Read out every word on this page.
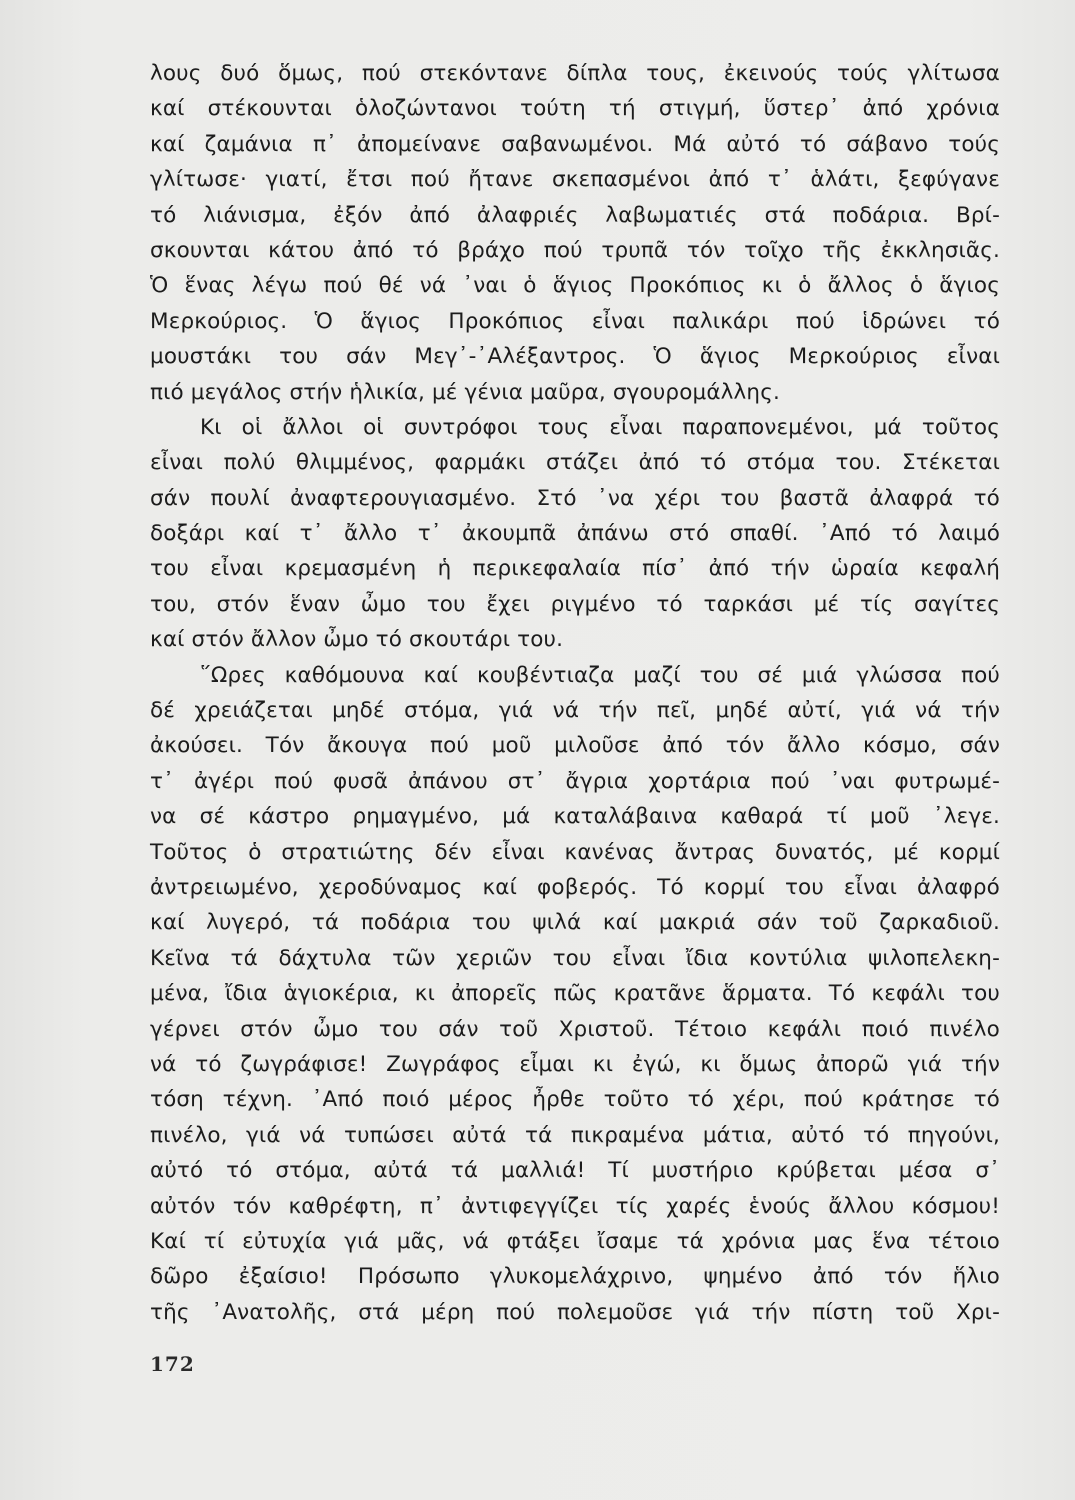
λους δυό ὅμως, πού στεκόντανε δίπλα τους, ἐκεινούς τούς γλίτωσα
καί στέκουνται ὁλοζώντανοι τούτη τή στιγμή, ὕστερ᾽ ἀπό χρόνια
καί ζαμάνια π᾽ ἀπομείνανε σαβανωμένοι. Μά αὐτό τό σάβανο τούς
γλίτωσε· γιατί, ἔτσι πού ἤτανε σκεπασμένοι ἀπό τ᾽ ἁλάτι, ξεφύγανε
τό λιάνισμα, ἐξόν ἀπό ἀλαφριές λαβωματιές στά ποδάρια. Βρί-
σκουνται κάτου ἀπό τό βράχο πού τρυπᾶ τόν τοῖχο τῆς ἐκκλησιᾶς.
Ὁ ἕνας λέγω πού θέ νά ᾽ναι ὁ ἅγιος Προκόπιος κι ὁ ἄλλος ὁ ἅγιος
Μερκούριος. Ὁ ἅγιος Προκόπιος εἶναι παλικάρι πού ἱδρώνει τό
μουστάκι του σάν Μεγ᾽-᾽Αλέξαντρος. Ὁ ἅγιος Μερκούριος εἶναι
πιό μεγάλος στήν ἡλικία, μέ γένια μαῦρα, σγουρομάλλης.
Κι οἱ ἄλλοι οἱ συντρόφοι τους εἶναι παραπονεμένοι, μά τοῦτος
εἶναι πολύ θλιμμένος, φαρμάκι στάζει ἀπό τό στόμα του. Στέκεται
σάν πουλί ἀναφτερουγιασμένο. Στό ᾽να χέρι του βαστᾶ ἀλαφρά τό
δοξάρι καί τ᾽ ἄλλο τ᾽ ἀκουμπᾶ ἀπάνω στό σπαθί. ᾽Από τό λαιμό
του εἶναι κρεμασμένη ἡ περικεφαλαία πίσ᾽ ἀπό τήν ὡραία κεφαλή
του, στόν ἕναν ὦμο του ἔχει ριγμένο τό ταρκάσι μέ τίς σαγίτες
καί στόν ἄλλον ὦμο τό σκουτάρι του.
῞Ωρες καθόμουνα καί κουβέντιαζα μαζί του σέ μιά γλώσσα πού
δέ χρειάζεται μηδέ στόμα, γιά νά τήν πεῖ, μηδέ αὐτί, γιά νά τήν
ἀκούσει. Τόν ἄκουγα πού μοῦ μιλοῦσε ἀπό τόν ἄλλο κόσμο, σάν
τ᾽ ἀγέρι πού φυσᾶ ἀπάνου στ᾽ ἄγρια χορτάρια πού ᾽ναι φυτρωμέ-
να σέ κάστρο ρημαγμένο, μά καταλάβαινα καθαρά τί μοῦ ᾽λεγε.
Τοῦτος ὁ στρατιώτης δέν εἶναι κανένας ἄντρας δυνατός, μέ κορμί
ἀντρειωμένο, χεροδύναμος καί φοβερός. Τό κορμί του εἶναι ἀλαφρό
καί λυγερό, τά ποδάρια του ψιλά καί μακριά σάν τοῦ ζαρκαδιοῦ.
Κεῖνα τά δάχτυλα τῶν χεριῶν του εἶναι ἴδια κοντύλια ψιλοπελεκη-
μένα, ἴδια ἁγιοκέρια, κι ἀπορεῖς πῶς κρατᾶνε ἅρματα. Τό κεφάλι του
γέρνει στόν ὦμο του σάν τοῦ Χριστοῦ. Τέτοιο κεφάλι ποιό πινέλο
νά τό ζωγράφισε! Ζωγράφος εἶμαι κι ἐγώ, κι ὅμως ἀπορῶ γιά τήν
τόση τέχνη. ᾽Από ποιό μέρος ἦρθε τοῦτο τό χέρι, πού κράτησε τό
πινέλο, γιά νά τυπώσει αὐτά τά πικραμένα μάτια, αὐτό τό πηγούνι,
αὐτό τό στόμα, αὐτά τά μαλλιά! Τί μυστήριο κρύβεται μέσα σ᾽
αὐτόν τόν καθρέφτη, π᾽ ἀντιφεγγίζει τίς χαρές ἑνούς ἄλλου κόσμου!
Καί τί εὐτυχία γιά μᾶς, νά φτάξει ἴσαμε τά χρόνια μας ἕνα τέτοιο
δῶρο ἐξαίσιο! Πρόσωπο γλυκομελάχρινο, ψημένο ἀπό τόν ἥλιο
τῆς ᾽Ανατολῆς, στά μέρη πού πολεμοῦσε γιά τήν πίστη τοῦ Χρι-
172
